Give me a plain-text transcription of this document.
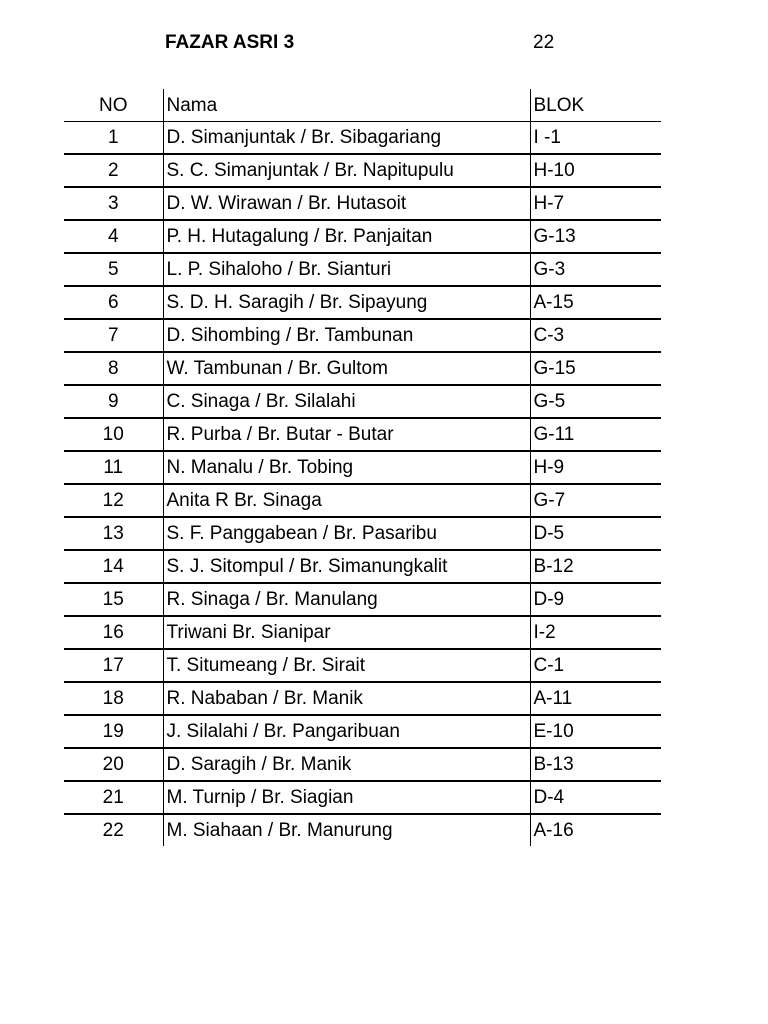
FAZAR ASRI 3	22
NO	Nama	BLOK
1	D. Simanjuntak / Br. Sibagariang	I -1
2	S. C. Simanjuntak / Br. Napitupulu	H-10
3	D. W. Wirawan / Br. Hutasoit	H-7
4	P. H. Hutagalung / Br. Panjaitan	G-13
5	L. P. Sihaloho / Br. Sianturi	G-3
6	S. D. H. Saragih / Br. Sipayung	A-15
7	D. Sihombing / Br. Tambunan	C-3
8	W. Tambunan / Br. Gultom	G-15
9	C. Sinaga / Br. Silalahi	G-5
10	R. Purba / Br. Butar - Butar	G-11
11	N. Manalu / Br. Tobing	H-9
12	Anita R Br. Sinaga	G-7
13	S. F. Panggabean / Br. Pasaribu	D-5
14	S. J. Sitompul / Br. Simanungkalit	B-12
15	R. Sinaga / Br. Manulang	D-9
16	Triwani Br. Sianipar	I-2
17	T. Situmeang / Br. Sirait	C-1
18	R. Nababan / Br. Manik	A-11
19	J. Silalahi / Br. Pangaribuan	E-10
20	D. Saragih / Br. Manik	B-13
21	M. Turnip / Br. Siagian	D-4
22	M. Siahaan / Br. Manurung	A-16
